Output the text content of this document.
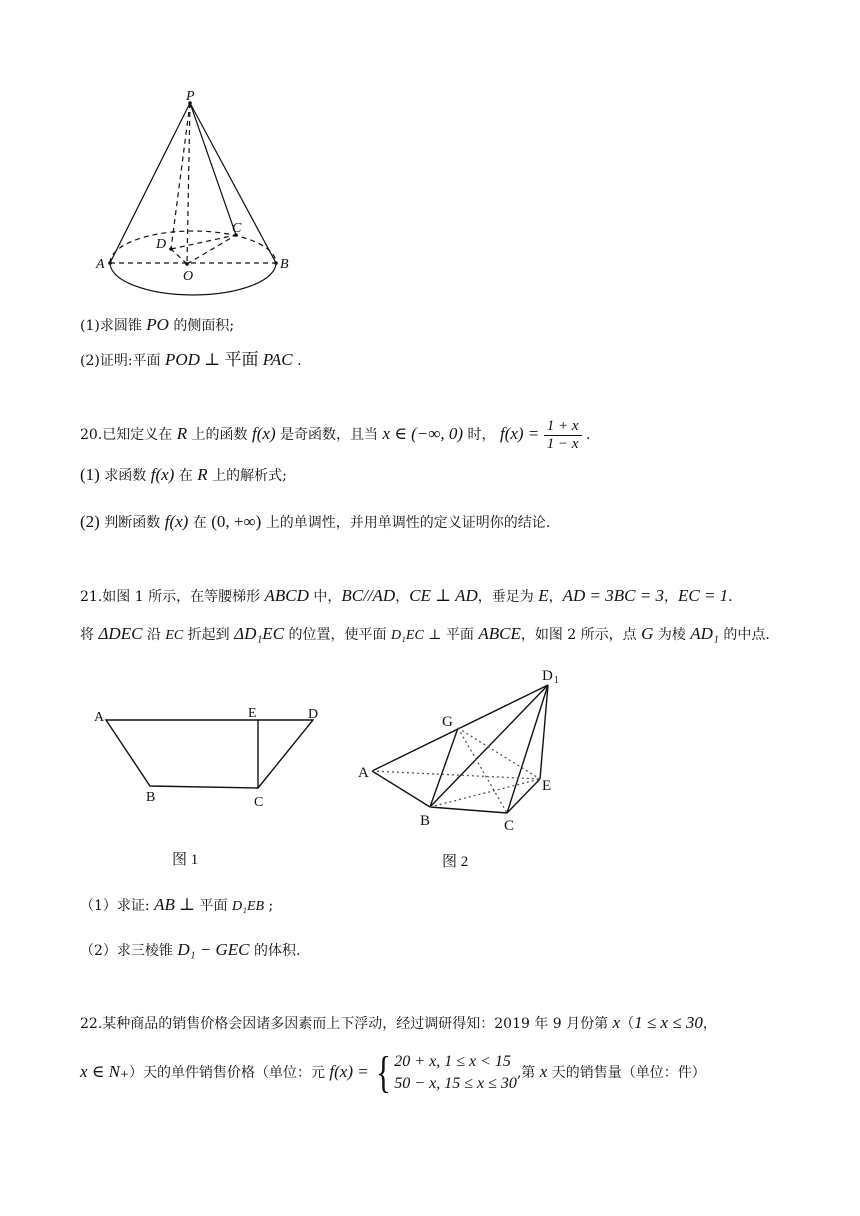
P
A	B
O
C
D
(1)求圆锥 PO 的侧面积;
(2)证明:平面 POD ⊥ 平面 PAC .
20.已知定义在 R 上的函数 f(x) 是奇函数，且当 x ∈ (−∞, 0) 时， $f(x) = \frac{1 + x}{1 - x}$ .
(1) 求函数 f(x) 在 R 上的解析式;
(2) 判断函数 f(x) 在 (0, +∞) 上的单调性，并用单调性的定义证明你的结论.
21.如图 1 所示，在等腰梯形 ABCD 中，BC//AD，CE ⊥ AD，垂足为 E，AD = 3BC = 3，EC = 1.
将 ΔDEC 沿 EC 折起到 ΔD₁EC 的位置，使平面 D₁EC ⊥ 平面 ABCE，如图 2 所示，点 G 为棱 AD₁ 的中点.
A	E	D
B	C
图 1
$D_1$
G
A
E
B	C
图 2
（1）求证: AB ⊥ 平面 D₁EB ;
（2）求三棱锥 D₁ − GEC 的体积.
22.某种商品的销售价格会因诸多因素而上下浮动，经过调研得知：2019 年 9 月份第 x（1 ≤ x ≤ 30，
x ∈ N₊）天的单件销售价格（单位：元 f(x) = { 20 + x, 1 ≤ x < 15
50 − x, 15 ≤ x ≤ 30
,第 x 天的销售量（单位：件）
